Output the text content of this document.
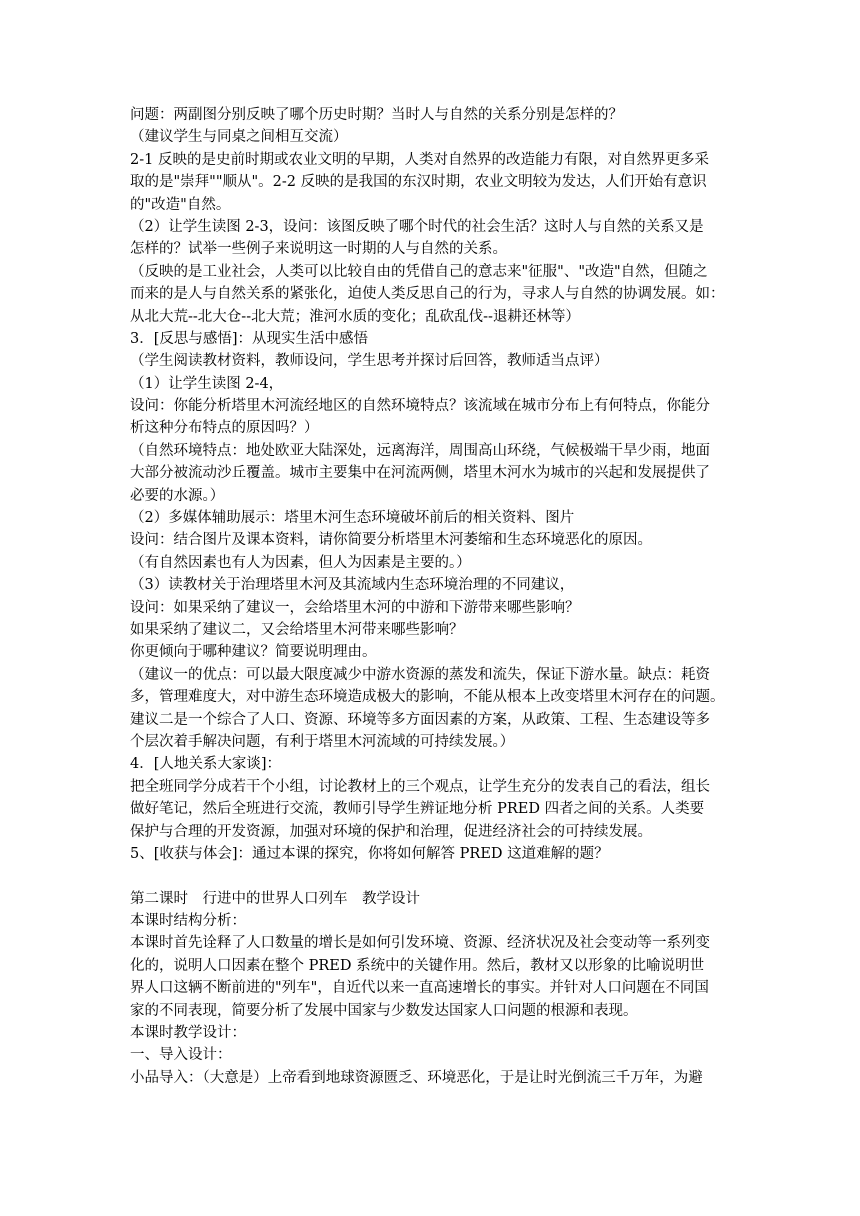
问题：两副图分别反映了哪个历史时期？当时人与自然的关系分别是怎样的？
（建议学生与同桌之间相互交流）
2-1 反映的是史前时期或农业文明的早期，人类对自然界的改造能力有限，对自然界更多采
取的是"崇拜""顺从"。2-2 反映的是我国的东汉时期，农业文明较为发达，人们开始有意识
的"改造"自然。
（2）让学生读图 2-3，设问：该图反映了哪个时代的社会生活？这时人与自然的关系又是
怎样的？试举一些例子来说明这一时期的人与自然的关系。
（反映的是工业社会，人类可以比较自由的凭借自己的意志来"征服"、"改造"自然，但随之
而来的是人与自然关系的紧张化，迫使人类反思自己的行为，寻求人与自然的协调发展。如：
从北大荒--北大仓--北大荒；淮河水质的变化；乱砍乱伐--退耕还林等）
3．[反思与感悟]：从现实生活中感悟
（学生阅读教材资料，教师设问，学生思考并探讨后回答，教师适当点评）
（1）让学生读图 2-4，
设问：你能分析塔里木河流经地区的自然环境特点？该流域在城市分布上有何特点，你能分
析这种分布特点的原因吗？）
（自然环境特点：地处欧亚大陆深处，远离海洋，周围高山环绕，气候极端干旱少雨，地面
大部分被流动沙丘覆盖。城市主要集中在河流两侧，塔里木河水为城市的兴起和发展提供了
必要的水源。）
（2）多媒体辅助展示：塔里木河生态环境破坏前后的相关资料、图片
设问：结合图片及课本资料，请你简要分析塔里木河萎缩和生态环境恶化的原因。
（有自然因素也有人为因素，但人为因素是主要的。）
（3）读教材关于治理塔里木河及其流域内生态环境治理的不同建议，
设问：如果采纳了建议一，会给塔里木河的中游和下游带来哪些影响？
如果采纳了建议二，又会给塔里木河带来哪些影响？
你更倾向于哪种建议？简要说明理由。
（建议一的优点：可以最大限度减少中游水资源的蒸发和流失，保证下游水量。缺点：耗资
多，管理难度大，对中游生态环境造成极大的影响，不能从根本上改变塔里木河存在的问题。
建议二是一个综合了人口、资源、环境等多方面因素的方案，从政策、工程、生态建设等多
个层次着手解决问题，有利于塔里木河流域的可持续发展。）
4．[人地关系大家谈]：
把全班同学分成若干个小组，讨论教材上的三个观点，让学生充分的发表自己的看法，组长
做好笔记，然后全班进行交流，教师引导学生辨证地分析 PRED 四者之间的关系。人类要
保护与合理的开发资源，加强对环境的保护和治理，促进经济社会的可持续发展。
5、[收获与体会]：通过本课的探究，你将如何解答 PRED 这道难解的题？
第二课时　行进中的世界人口列车　教学设计
本课时结构分析：
本课时首先诠释了人口数量的增长是如何引发环境、资源、经济状况及社会变动等一系列变
化的，说明人口因素在整个 PRED 系统中的关键作用。然后，教材又以形象的比喻说明世
界人口这辆不断前进的"列车"，自近代以来一直高速增长的事实。并针对人口问题在不同国
家的不同表现，简要分析了发展中国家与少数发达国家人口问题的根源和表现。
本课时教学设计：
一、导入设计：
小品导入：（大意是）上帝看到地球资源匮乏、环境恶化，于是让时光倒流三千万年，为避
